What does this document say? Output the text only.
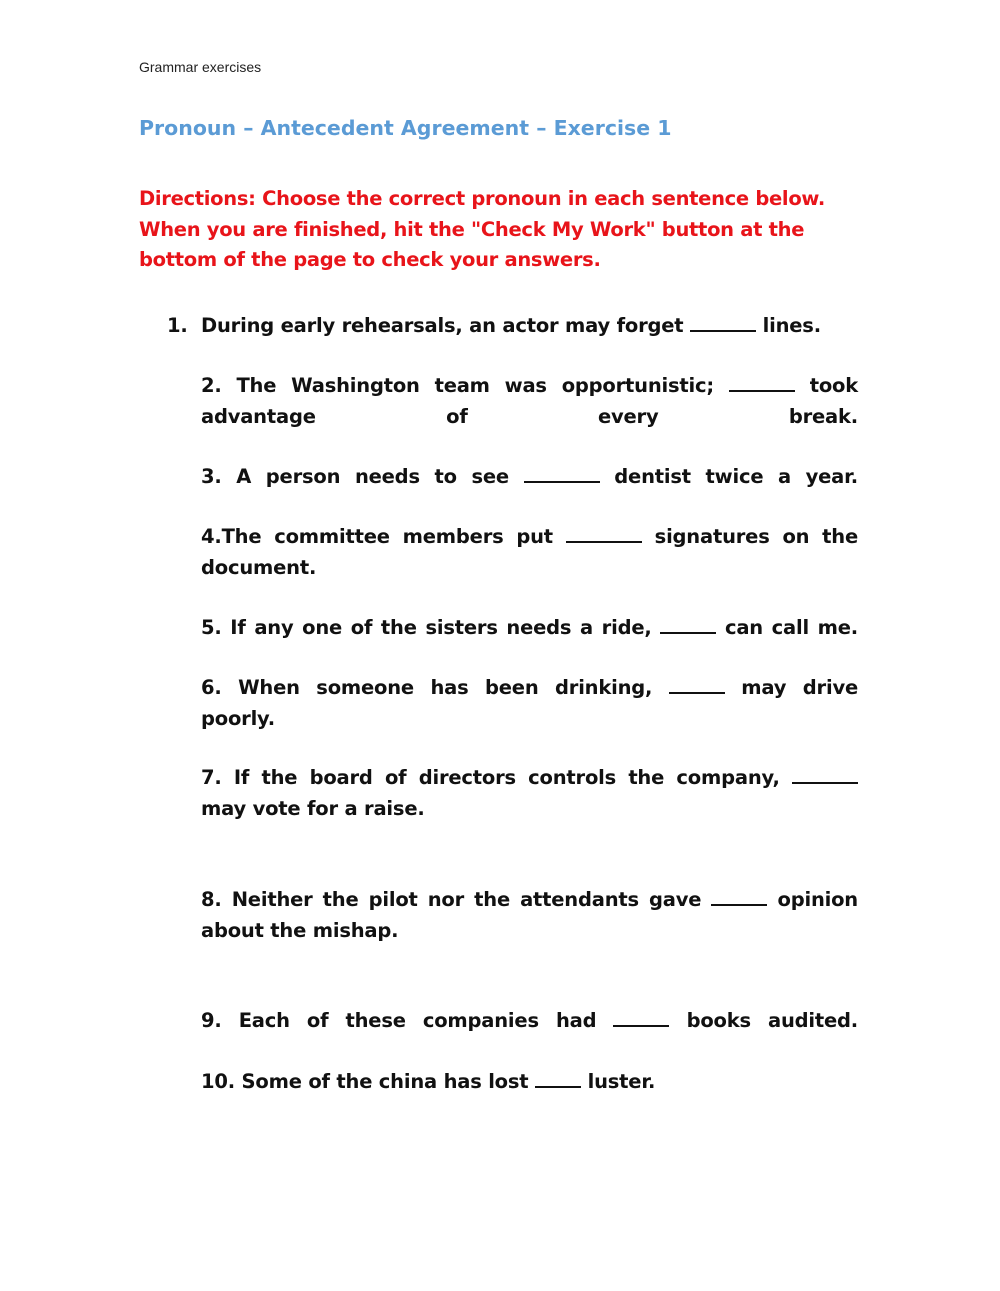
Grammar exercises
Pronoun – Antecedent Agreement – Exercise 1
Directions: Choose the correct pronoun in each sentence below. When you are finished, hit the "Check My Work" button at the bottom of the page to check your answers.
1. During early rehearsals, an actor may forget	lines.
2. The Washington team was opportunistic;	took advantage of every break.
3. A person needs to see	dentist twice a year.
4.The committee members put	signatures on the document.
5. If any one of the sisters needs a ride,	can call me.
6. When someone has been drinking,	may drive poorly.
7. If the board of directors controls the company,  may vote for a raise.
8. Neither the pilot nor the attendants gave	opinion about the mishap.
9. Each of these companies had	books audited.
10. Some of the china has lost	luster.
